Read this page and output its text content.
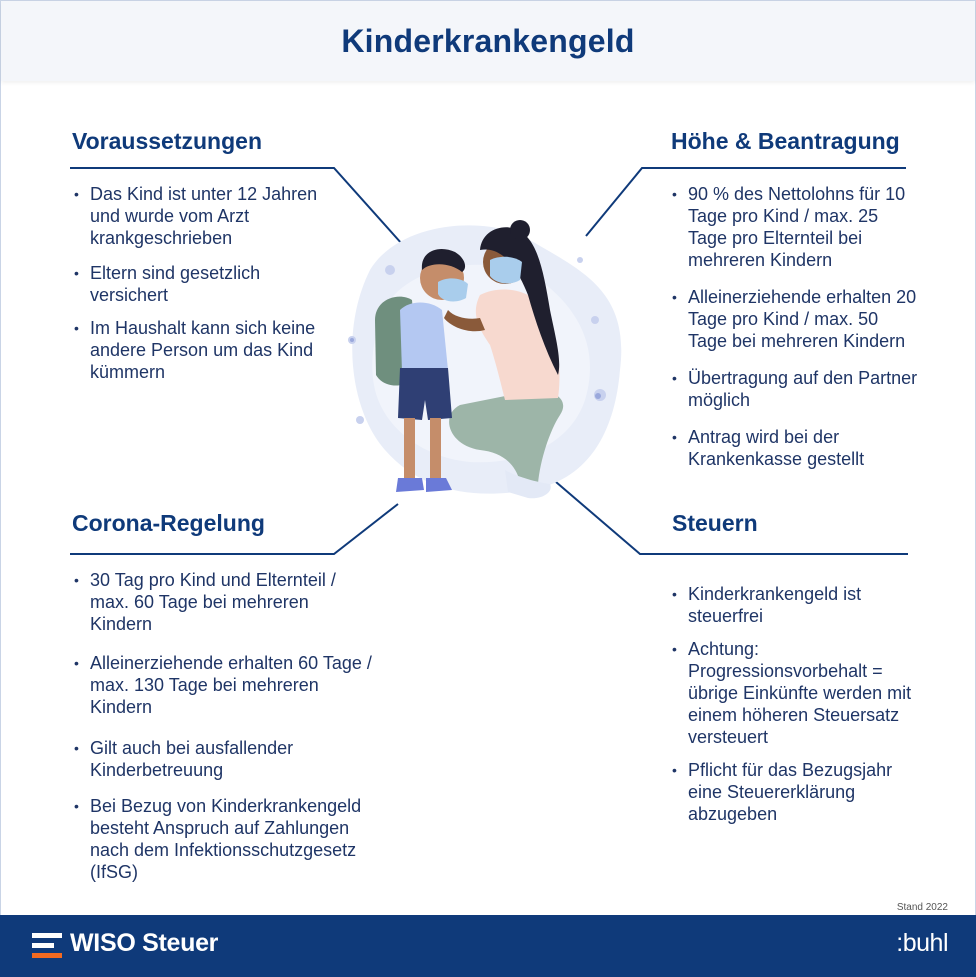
Kinderkrankengeld
Voraussetzungen
• Das Kind ist unter 12 Jahren und wurde vom Arzt krankgeschrieben
• Eltern sind gesetzlich versichert
• Im Haushalt kann sich keine andere Person um das Kind kümmern
Höhe & Beantragung
• 90 % des Nettolohns für 10 Tage pro Kind / max. 25 Tage pro Elternteil bei mehreren Kindern
• Alleinerziehende erhalten 20 Tage pro Kind / max. 50 Tage bei mehreren Kindern
• Übertragung auf den Partner möglich
• Antrag wird bei der Krankenkasse gestellt
Corona-Regelung
• 30 Tag pro Kind und Elternteil / max. 60 Tage bei mehreren Kindern
• Alleinerziehende erhalten 60 Tage / max. 130 Tage bei mehreren Kindern
• Gilt auch bei ausfallender Kinderbetreuung
• Bei Bezug von Kinderkrankengeld besteht Anspruch auf Zahlungen nach dem Infektionsschutzgesetz (IfSG)
Steuern
• Kinderkrankengeld ist steuerfrei
• Achtung: Progressionsvorbehalt = übrige Einkünfte werden mit einem höheren Steuersatz versteuert
• Pflicht für das Bezugsjahr eine Steuererklärung abzugeben
Stand 2022
WISO Steuer	:buhl
